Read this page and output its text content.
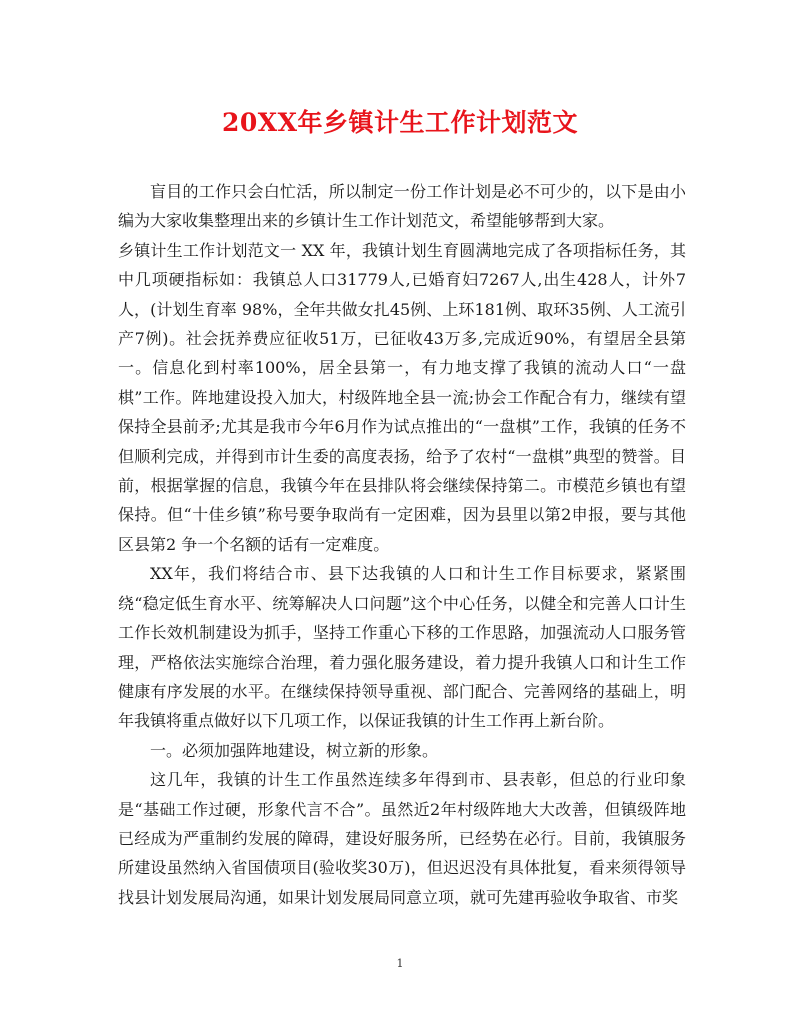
20XX年乡镇计生工作计划范文

盲目的工作只会白忙活，所以制定一份工作计划是必不可少的，以下是由小编为大家收集整理出来的乡镇计生工作计划范文，希望能够帮到大家。

乡镇计生工作计划范文一 XX 年，我镇计划生育圆满地完成了各项指标任务，其中几项硬指标如：我镇总人口31779人,已婚育妇7267人,出生428人，计外7人，(计划生育率 98%，全年共做女扎45例、上环181例、取环35例、人工流引产7例)。社会抚养费应征收51万，已征收43万多,完成近90%，有望居全县第一。信息化到村率100%，居全县第一，有力地支撑了我镇的流动人口“一盘棋”工作。阵地建设投入加大，村级阵地全县一流;协会工作配合有力，继续有望保持全县前矛;尤其是我市今年6月作为试点推出的“一盘棋”工作，我镇的任务不但顺利完成，并得到市计生委的高度表扬，给予了农村“一盘棋”典型的赞誉。目前，根据掌握的信息，我镇今年在县排队将会继续保持第二。市模范乡镇也有望保持。但“十佳乡镇”称号要争取尚有一定困难，因为县里以第2申报，要与其他区县第2 争一个名额的话有一定难度。

XX年，我们将结合市、县下达我镇的人口和计生工作目标要求，紧紧围绕“稳定低生育水平、统筹解决人口问题”这个中心任务，以健全和完善人口计生工作长效机制建设为抓手，坚持工作重心下移的工作思路，加强流动人口服务管理，严格依法实施综合治理，着力强化服务建设，着力提升我镇人口和计生工作健康有序发展的水平。在继续保持领导重视、部门配合、完善网络的基础上，明年我镇将重点做好以下几项工作，以保证我镇的计生工作再上新台阶。

一。必须加强阵地建设，树立新的形象。

这几年，我镇的计生工作虽然连续多年得到市、县表彰，但总的行业印象是“基础工作过硬，形象代言不合”。虽然近2年村级阵地大大改善，但镇级阵地已经成为严重制约发展的障碍，建设好服务所，已经势在必行。目前，我镇服务所建设虽然纳入省国债项目(验收奖30万)，但迟迟没有具体批复，看来须得领导找县计划发展局沟通，如果计划发展局同意立项，就可先建再验收争取省、市奖

1
